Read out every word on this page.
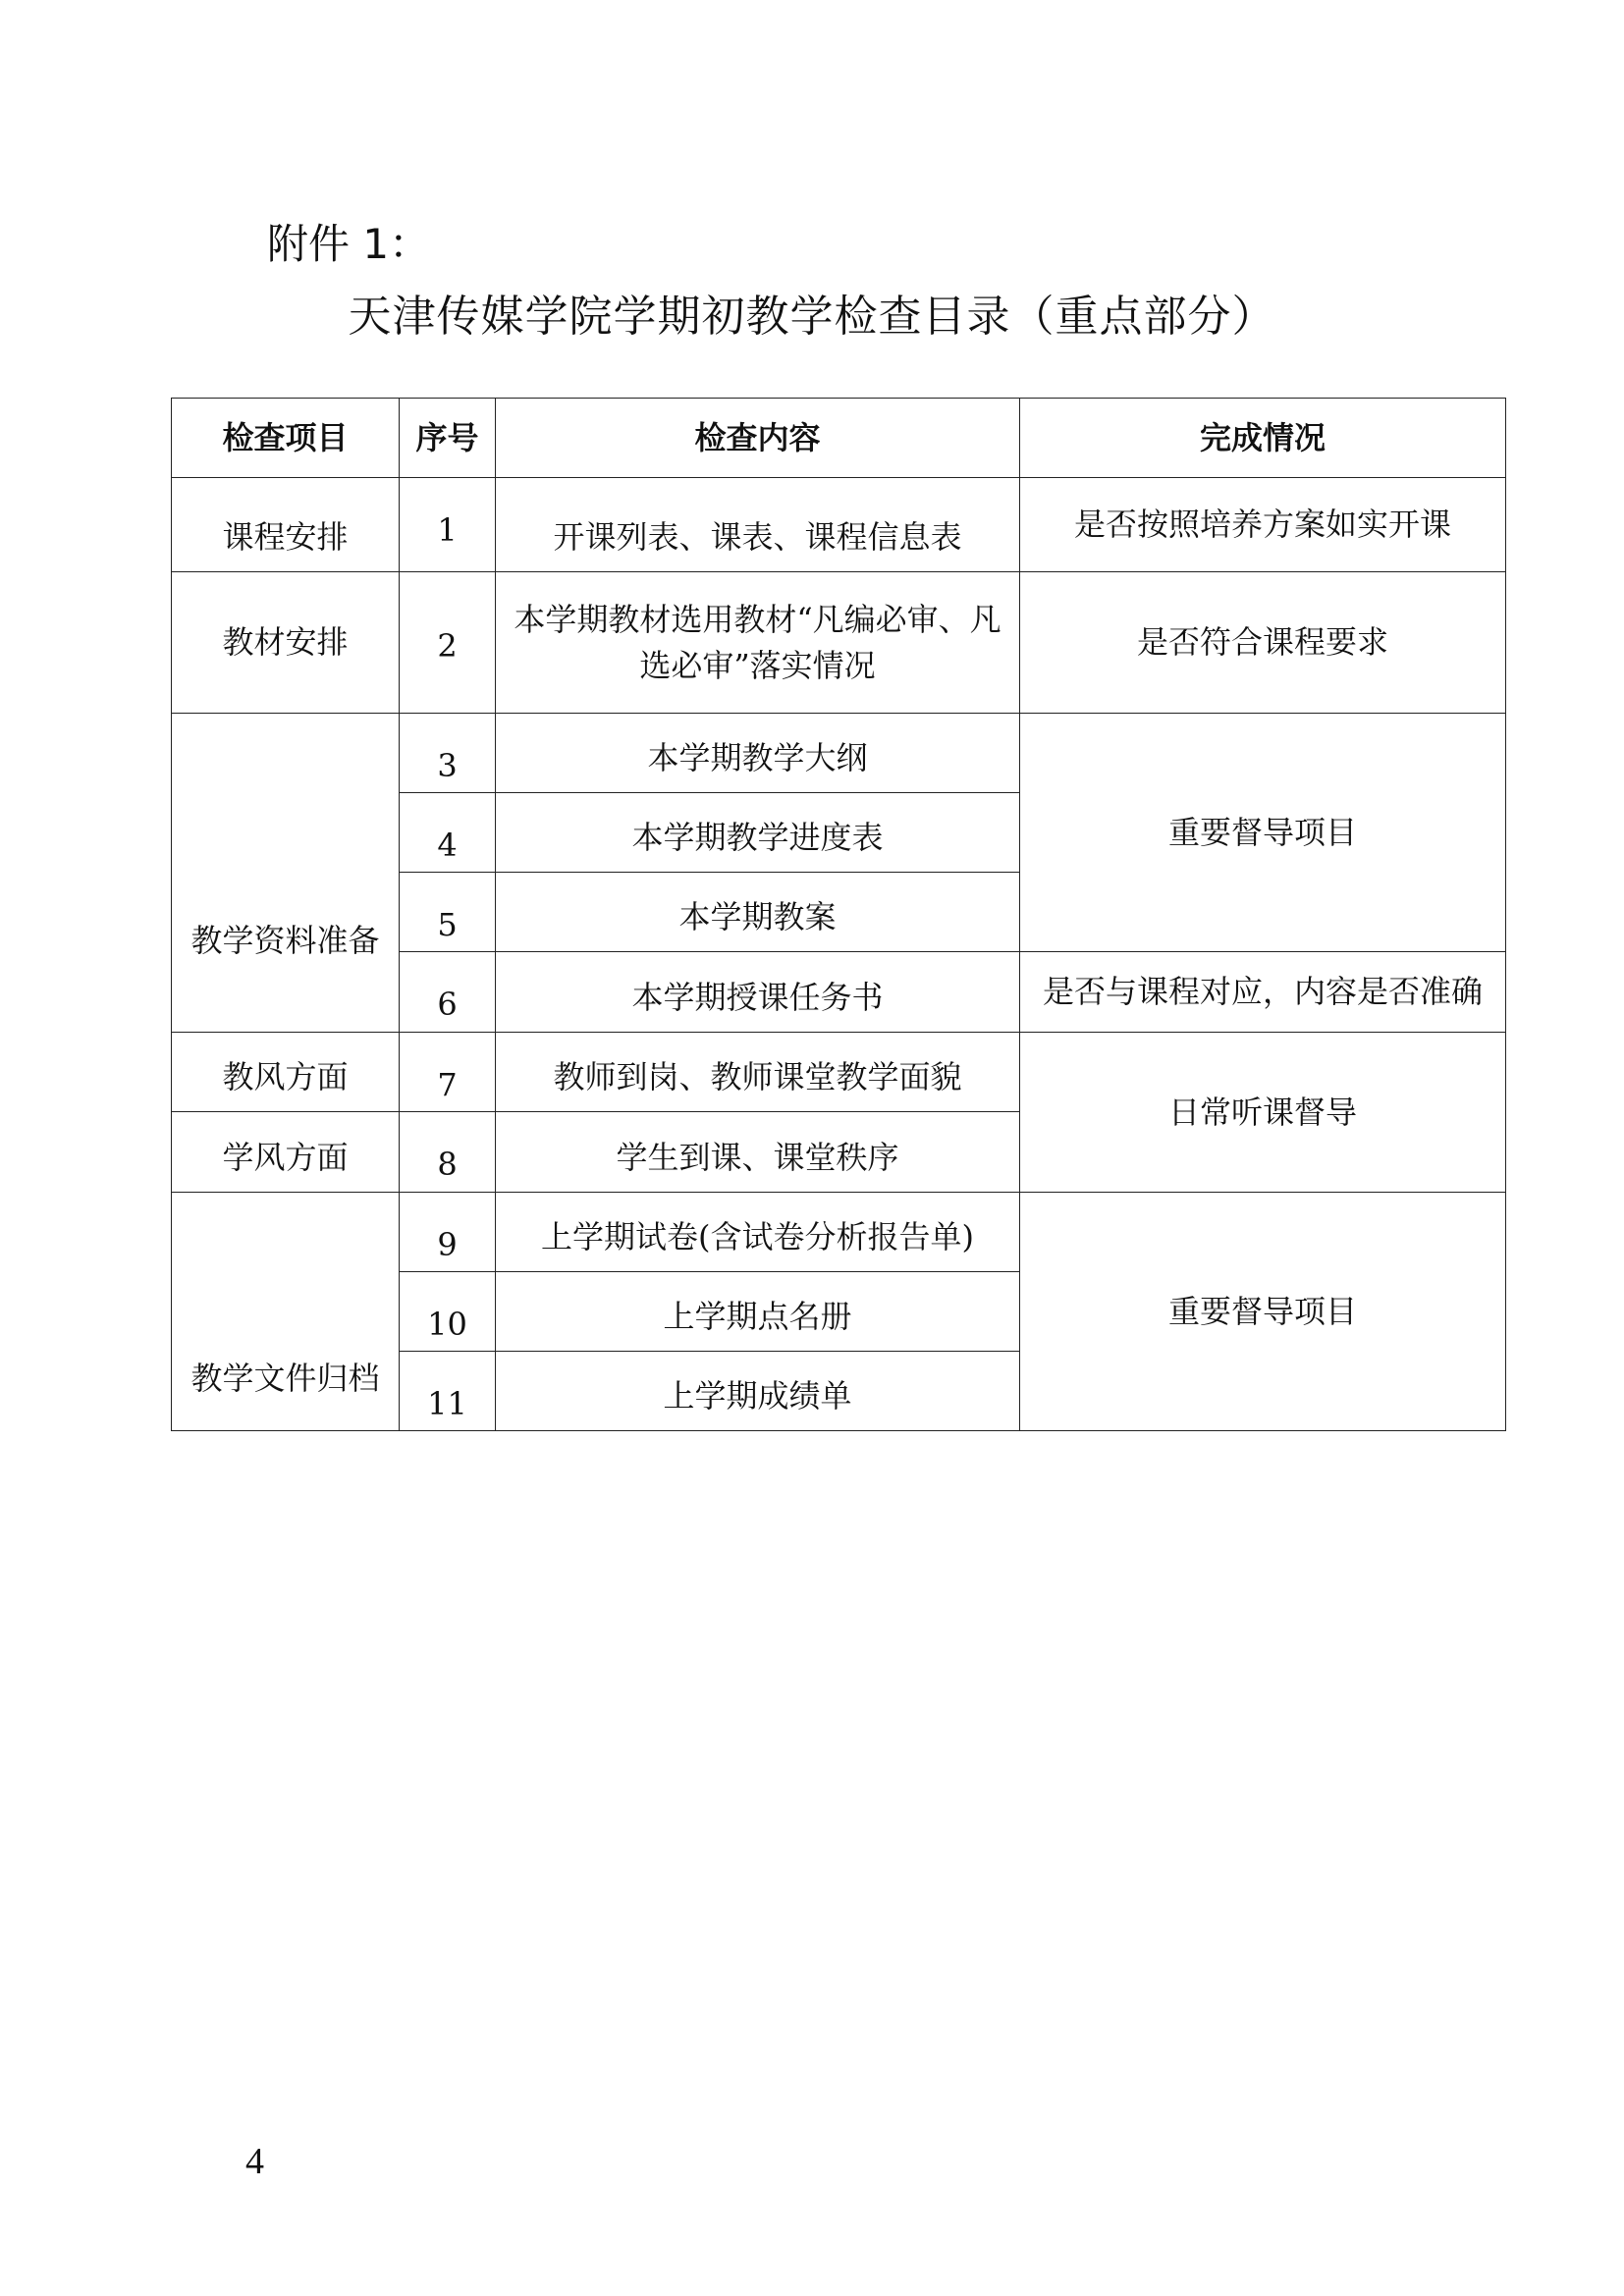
附件 1：
天津传媒学院学期初教学检查目录（重点部分）
检查项目	序号	检查内容	完成情况
课程安排	1	开课列表、课表、课程信息表	是否按照培养方案如实开课
教材安排	2	本学期教材选用教材“凡编必审、凡选必审”落实情况	是否符合课程要求
教学资料准备	3	本学期教学大纲	重要督导项目
	4	本学期教学进度表	
	5	本学期教案	
	6	本学期授课任务书	是否与课程对应，内容是否准确
教风方面	7	教师到岗、教师课堂教学面貌	日常听课督导
学风方面	8	学生到课、课堂秩序	
教学文件归档	9	上学期试卷(含试卷分析报告单)	重要督导项目
	10	上学期点名册	
	11	上学期成绩单	
4
